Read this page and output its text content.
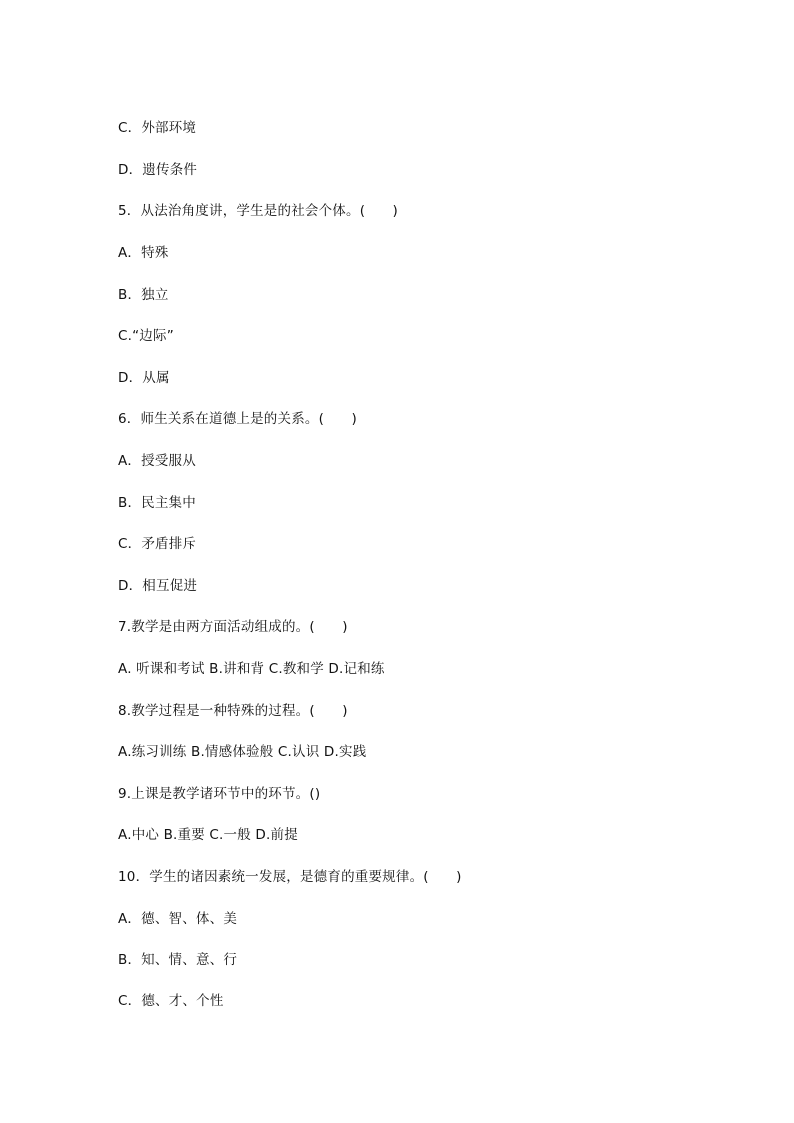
C．外部环境
D．遗传条件
5．从法治角度讲，学生是的社会个体。(　　)
A．特殊
B．独立
C.“边际”
D．从属
6．师生关系在道德上是的关系。(　　)
A．授受服从
B．民主集中
C．矛盾排斥
D．相互促进
7.教学是由两方面活动组成的。(　　)
A. 听课和考试 B.讲和背 C.教和学 D.记和练
8.教学过程是一种特殊的过程。(　　)
A.练习训练 B.情感体验般 C.认识 D.实践
9.上课是教学诸环节中的环节。()
A.中心 B.重要 C.一般 D.前提
10．学生的诸因素统一发展，是德育的重要规律。(　　)
A．德、智、体、美
B．知、情、意、行
C．德、才、个性
